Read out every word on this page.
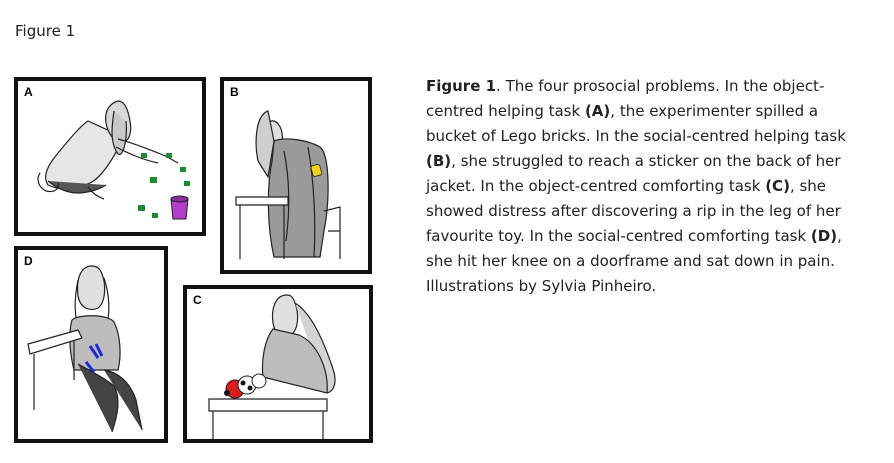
Figure 1
A	B
D
C
Figure 1. The four prosocial problems. In the object-
centred helping task (A), the experimenter spilled a
bucket of Lego bricks. In the social-centred helping task
(B), she struggled to reach a sticker on the back of her
jacket. In the object-centred comforting task (C), she
showed distress after discovering a rip in the leg of her
favourite toy. In the social-centred comforting task (D),
she hit her knee on a doorframe and sat down in pain.
Illustrations by Sylvia Pinheiro.
